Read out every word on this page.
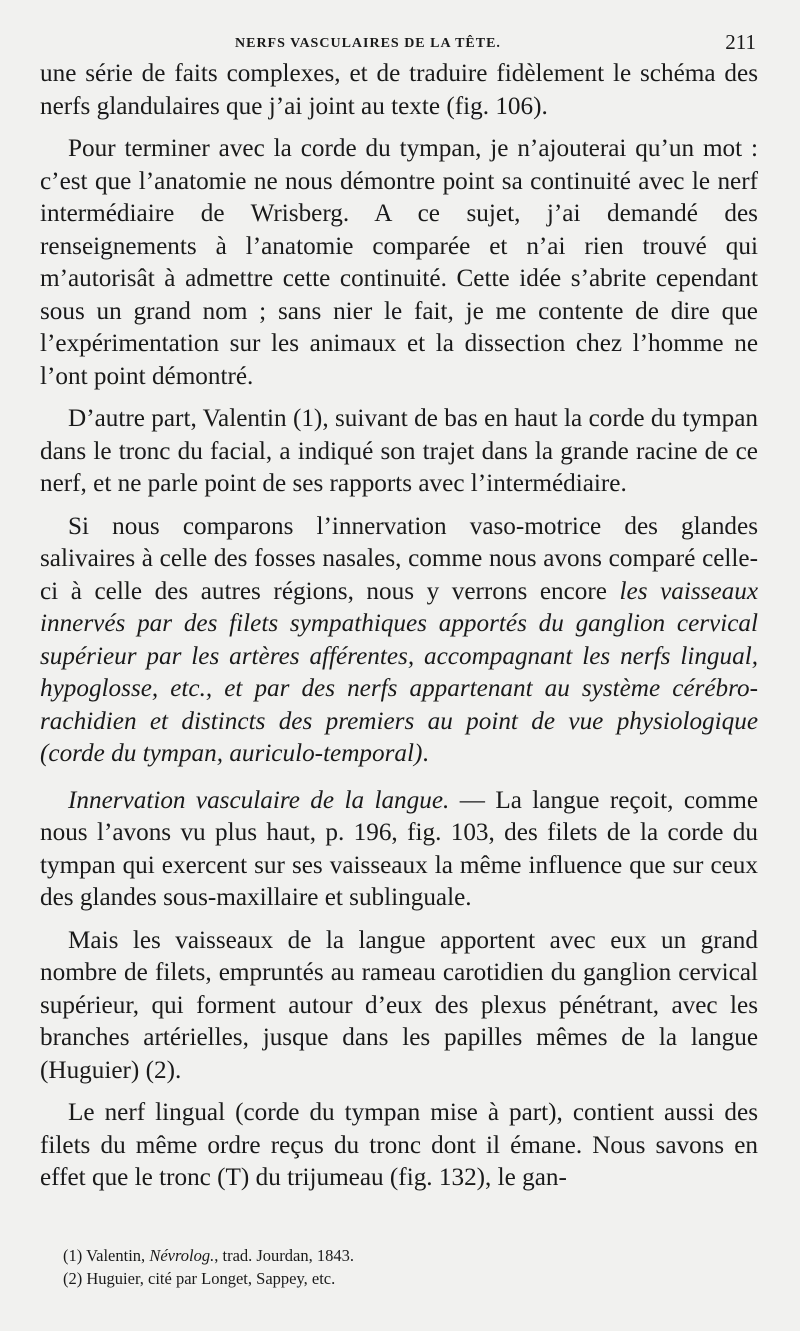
NERFS VASCULAIRES DE LA TÊTE.	211

une série de faits complexes, et de traduire fidèlement le schéma des nerfs glandulaires que j’ai joint au texte (fig. 106).

Pour terminer avec la corde du tympan, je n’ajouterai qu’un mot : c’est que l’anatomie ne nous démontre point sa continuité avec le nerf intermédiaire de Wrisberg. A ce sujet, j’ai demandé des renseignements à l’anatomie comparée et n’ai rien trouvé qui m’autorisât à admettre cette continuité. Cette idée s’abrite cependant sous un grand nom ; sans nier le fait, je me contente de dire que l’expérimentation sur les animaux et la dissection chez l’homme ne l’ont point démontré.

D’autre part, Valentin (1), suivant de bas en haut la corde du tympan dans le tronc du facial, a indiqué son trajet dans la grande racine de ce nerf, et ne parle point de ses rapports avec l’intermédiaire.

Si nous comparons l’innervation vaso-motrice des glandes salivaires à celle des fosses nasales, comme nous avons comparé celle-ci à celle des autres régions, nous y verrons encore les vaisseaux innervés par des filets sympathiques apportés du ganglion cervical supérieur par les artères afférentes, accompagnant les nerfs lingual, hypoglosse, etc., et par des nerfs appartenant au système cérébro-rachidien et distincts des premiers au point de vue physiologique (corde du tympan, auriculo-temporal).

Innervation vasculaire de la langue. — La langue reçoit, comme nous l’avons vu plus haut, p. 196, fig. 103, des filets de la corde du tympan qui exercent sur ses vaisseaux la même influence que sur ceux des glandes sous-maxillaire et sublinguale.

Mais les vaisseaux de la langue apportent avec eux un grand nombre de filets, empruntés au rameau carotidien du ganglion cervical supérieur, qui forment autour d’eux des plexus pénétrant, avec les branches artérielles, jusque dans les papilles mêmes de la langue (Huguier) (2).

Le nerf lingual (corde du tympan mise à part), contient aussi des filets du même ordre reçus du tronc dont il émane. Nous savons en effet que le tronc (T) du trijumeau (fig. 132), le gan-

(1) Valentin, Névrolog., trad. Jourdan, 1843.
(2) Huguier, cité par Longet, Sappey, etc.
